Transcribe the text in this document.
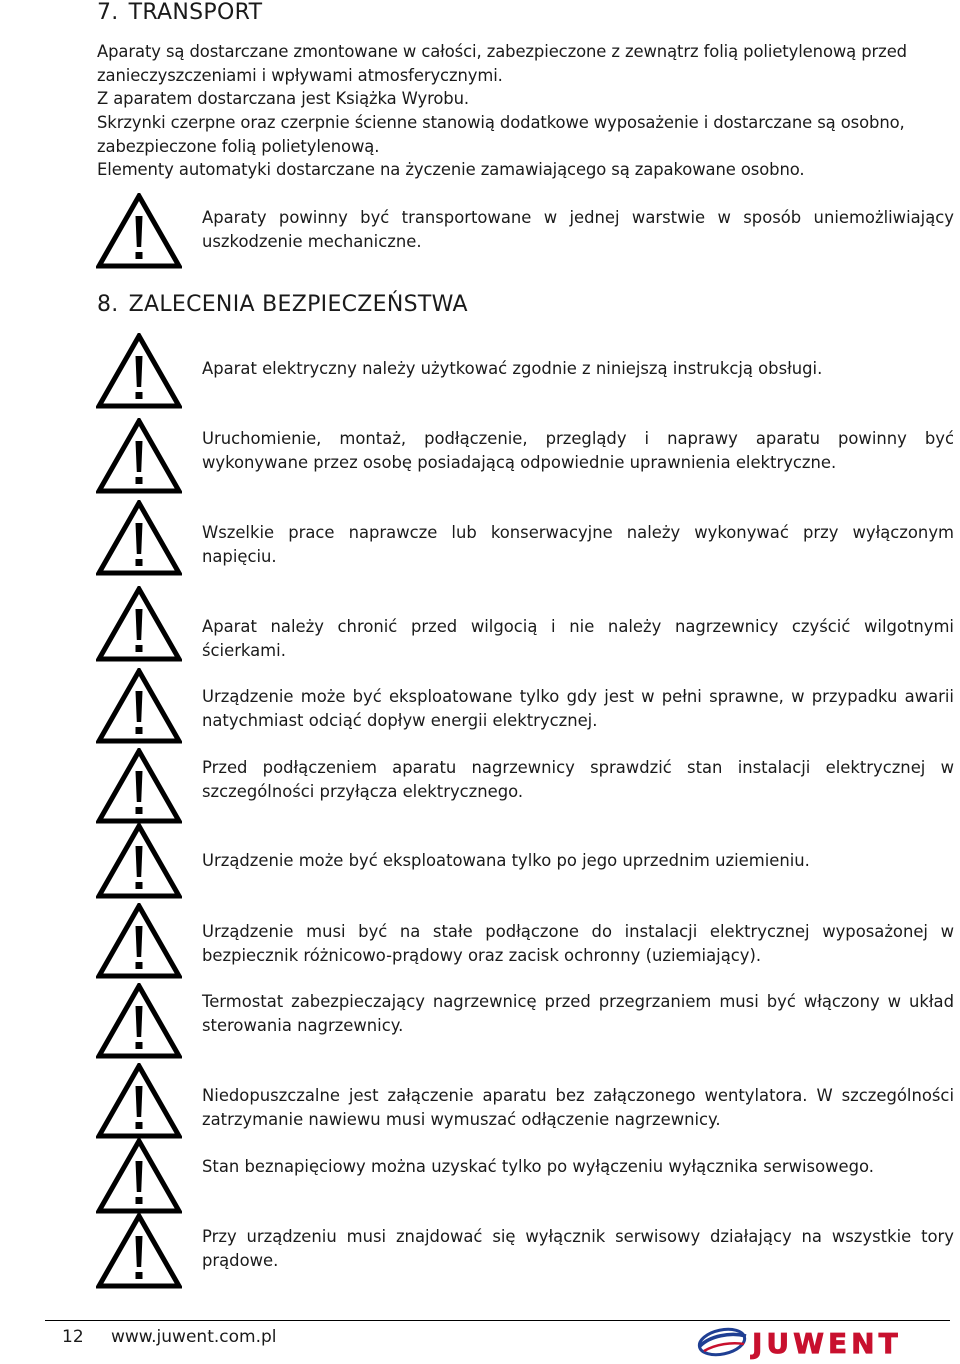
7. TRANSPORT

Aparaty są dostarczane zmontowane w całości, zabezpieczone z zewnątrz folią polietylenową przed
zanieczyszczeniami i wpływami atmosferycznymi.

Z aparatem dostarczana jest Książka Wyrobu.

Skrzynki czerpne oraz czerpnie ścienne stanowią dodatkowe wyposażenie i dostarczane są osobno,
zabezpieczone folią polietylenową.

Elementy automatyki dostarczane na życzenie zamawiającego są zapakowane osobno.

Aparaty powinny być transportowane w jednej warstwie w sposób uniemożliwiający uszkodzenie mechaniczne.

8. ZALECENIA BEZPIECZEŃSTWA

Aparat elektryczny należy użytkować zgodnie z niniejszą instrukcją obsługi.

Uruchomienie, montaż, podłączenie, przeglądy i naprawy aparatu powinny być wykonywane przez osobę posiadającą odpowiednie uprawnienia elektryczne.

Wszelkie prace naprawcze lub konserwacyjne należy wykonywać przy wyłączonym napięciu.

Aparat należy chronić przed wilgocią i nie należy nagrzewnicy czyścić wilgotnymi ścierkami.

Urządzenie może być eksploatowane tylko gdy jest w pełni sprawne, w przypadku awarii natychmiast odciąć dopływ energii elektrycznej.

Przed podłączeniem aparatu nagrzewnicy sprawdzić stan instalacji elektrycznej w szczególności przyłącza elektrycznego.

Urządzenie może być eksploatowana tylko po jego uprzednim uziemieniu.

Urządzenie musi być na stałe podłączone do instalacji elektrycznej wyposażonej w bezpiecznik różnicowo-prądowy oraz zacisk ochronny (uziemiający).

Termostat zabezpieczający nagrzewnicę przed przegrzaniem musi być włączony w układ sterowania nagrzewnicy.

Niedopuszczalne jest załączenie aparatu bez załączonego wentylatora. W szczególności zatrzymanie nawiewu musi wymuszać odłączenie nagrzewnicy.

Stan beznapięciowy można uzyskać tylko po wyłączeniu wyłącznika serwisowego.

Przy urządzeniu musi znajdować się wyłącznik serwisowy działający na wszystkie tory prądowe.

12 www.juwent.com.pl	JUWENT
